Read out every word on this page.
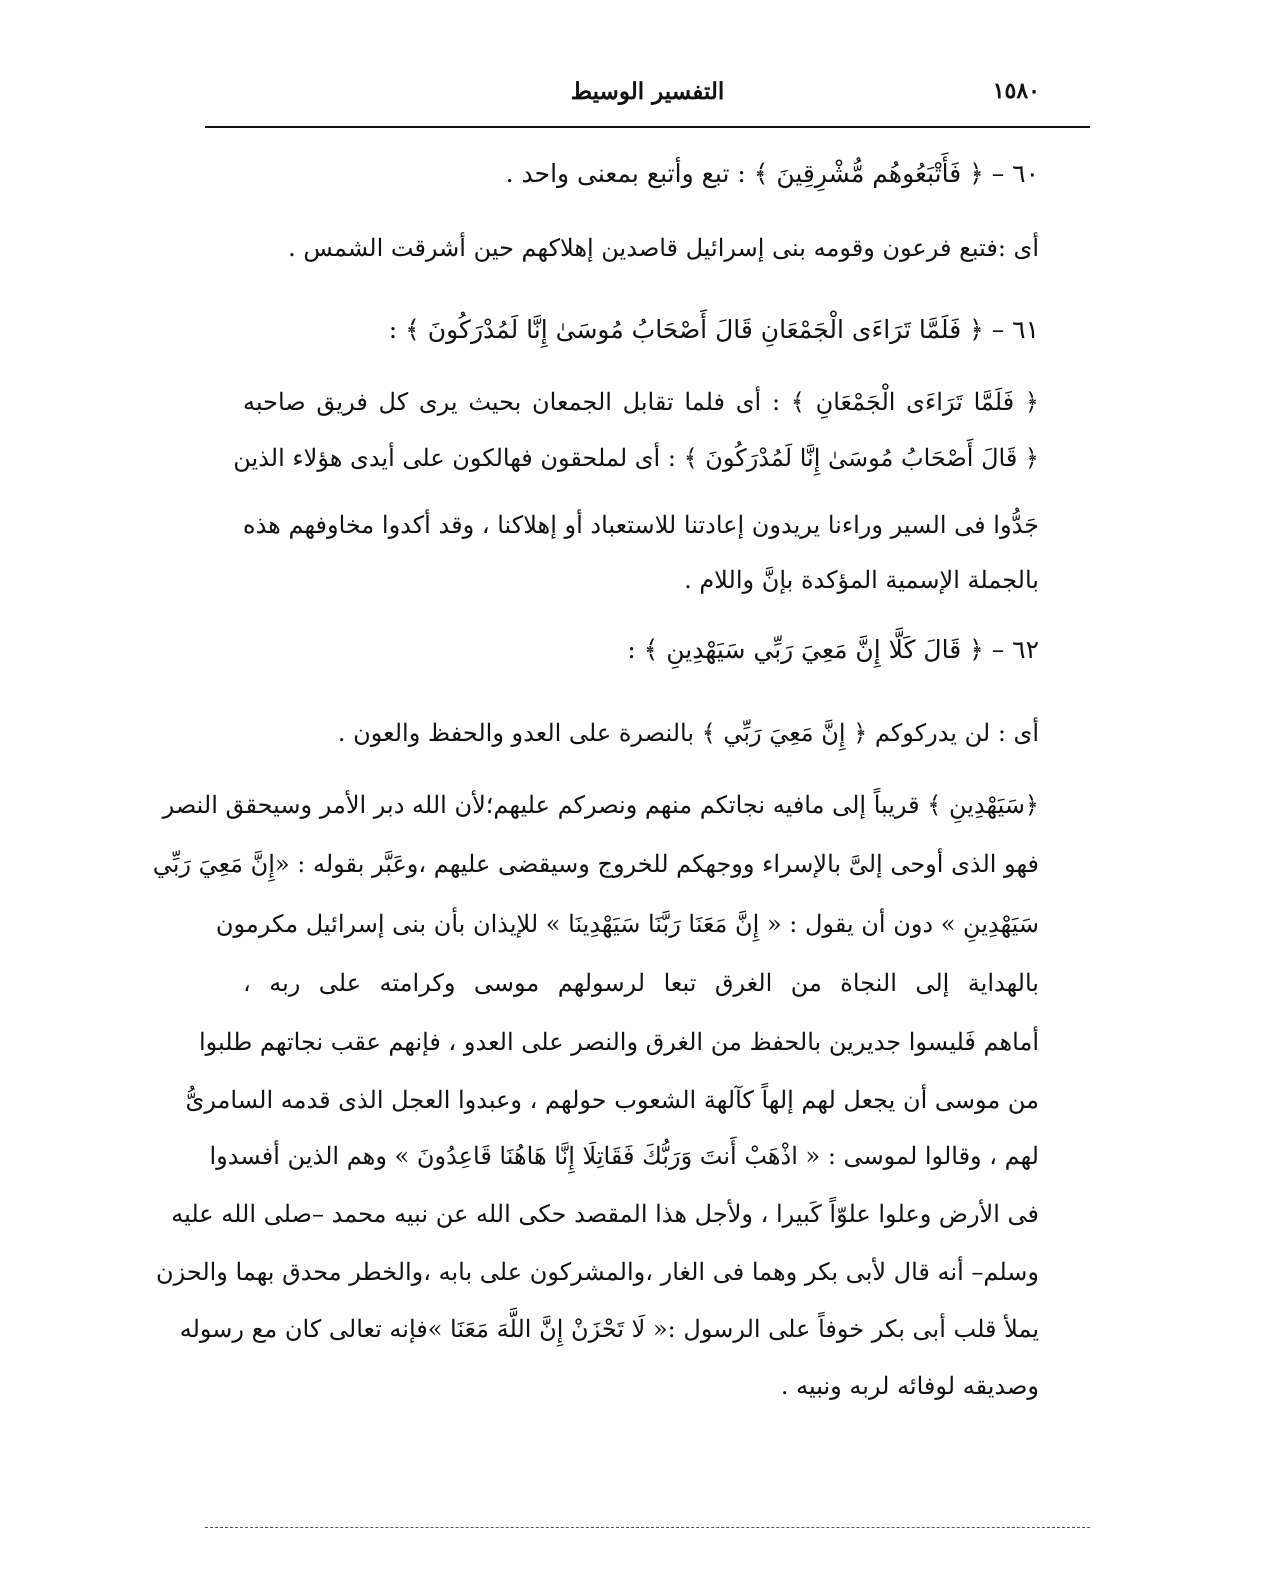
١٥٨٠
التفسير الوسيط
٦٠ – ﴿ فَأَتْبَعُوهُم مُّشْرِقِينَ ﴾ : تبع وأتبع بمعنى واحد .
أى :فتبع فرعون وقومه بنى إسرائيل قاصدين إهلاكهم حين أشرقت الشمس .
٦١ – ﴿ فَلَمَّا تَرَاءَى الْجَمْعَانِ قَالَ أَصْحَابُ مُوسَىٰ إِنَّا لَمُدْرَكُونَ ﴾ :
﴿ فَلَمَّا تَرَاءَى الْجَمْعَانِ ﴾ : أى فلما تقابل الجمعان بحيث يرى كل فريق صاحبه
﴿ قَالَ أَصْحَابُ مُوسَىٰ إِنَّا لَمُدْرَكُونَ ﴾ : أى لملحقون فهالكون على أيدى هؤلاء الذين
جَدُّوا فى السير وراءنا يريدون إعادتنا للاستعباد أو إهلاكنا ، وقد أكدوا مخاوفهم هذه
بالجملة الإسمية المؤكدة بإنَّ واللام .
٦٢ – ﴿ قَالَ كَلَّا إِنَّ مَعِيَ رَبِّي سَيَهْدِينِ ﴾ :
أى : لن يدركوكم ﴿ إِنَّ مَعِيَ رَبِّي ﴾ بالنصرة على العدو والحفظ والعون .
﴿سَيَهْدِينِ ﴾ قريباً إلى مافيه نجاتكم منهم ونصركم عليهم؛لأن الله دبر الأمر وسيحقق النصر
فهو الذى أوحى إلىَّ بالإسراء ووجهكم للخروج وسيقضى عليهم ،وعَبَّر بقوله : «إِنَّ مَعِيَ رَبِّي
سَيَهْدِينِ » دون أن يقول : « إِنَّ مَعَنَا رَبَّنَا سَيَهْدِينَا » للإيذان بأن بنى إسرائيل مكرمون
بالهداية إلى النجاة من الغرق تبعا لرسولهم موسى وكرامته على ربه ،
أماهم فَليسوا جديرين بالحفظ من الغرق والنصر على العدو ، فإنهم عقب نجاتهم طلبوا
من موسى أن يجعل لهم إلهاً كآلهة الشعوب حولهم ، وعبدوا العجل الذى قدمه السامرىُّ
لهم ، وقالوا لموسى : « اذْهَبْ أَنتَ وَرَبُّكَ فَقَاتِلَا إِنَّا هَاهُنَا قَاعِدُونَ » وهم الذين أفسدوا
فى الأرض وعلوا علوّاً كَبيرا ، ولأجل هذا المقصد حكى الله عن نبيه محمد –صلى الله عليه
وسلم– أنه قال لأبى بكر وهما فى الغار ،والمشركون على بابه ،والخطر محدق بهما والحزن
يملأ قلب أبى بكر خوفاً على الرسول :« لَا تَحْزَنْ إِنَّ اللَّهَ مَعَنَا »فإنه تعالى كان مع رسوله
وصديقه لوفائه لربه ونبيه .
